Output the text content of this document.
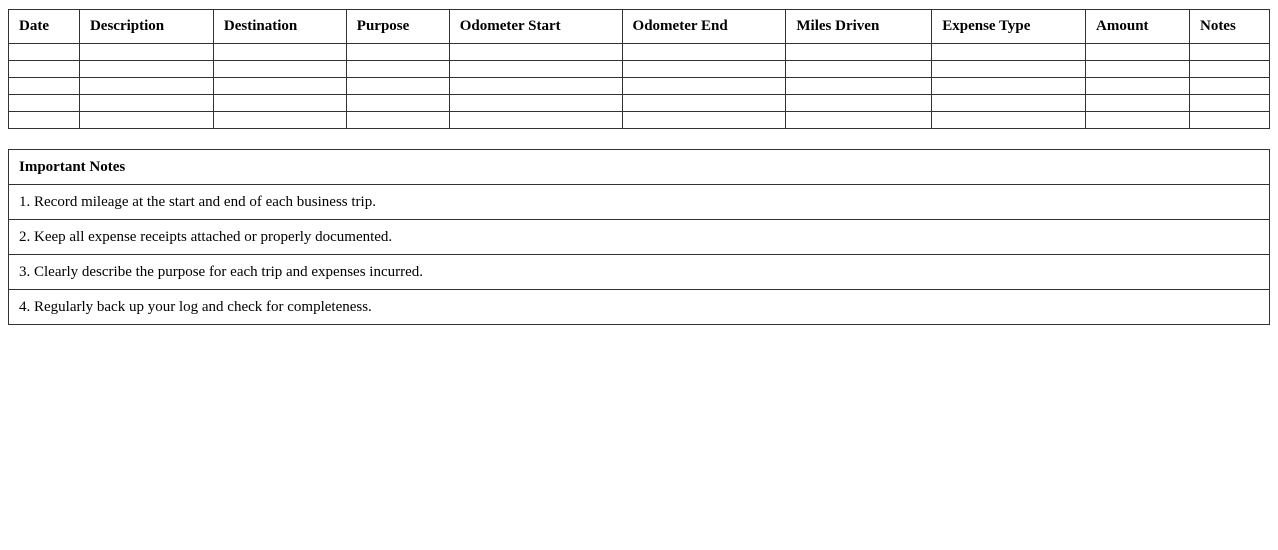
Date	Description	Destination	Purpose	Odometer Start	Odometer End	Miles Driven	Expense Type	Amount	Notes

Important Notes
1. Record mileage at the start and end of each business trip.
2. Keep all expense receipts attached or properly documented.
3. Clearly describe the purpose for each trip and expenses incurred.
4. Regularly back up your log and check for completeness.
